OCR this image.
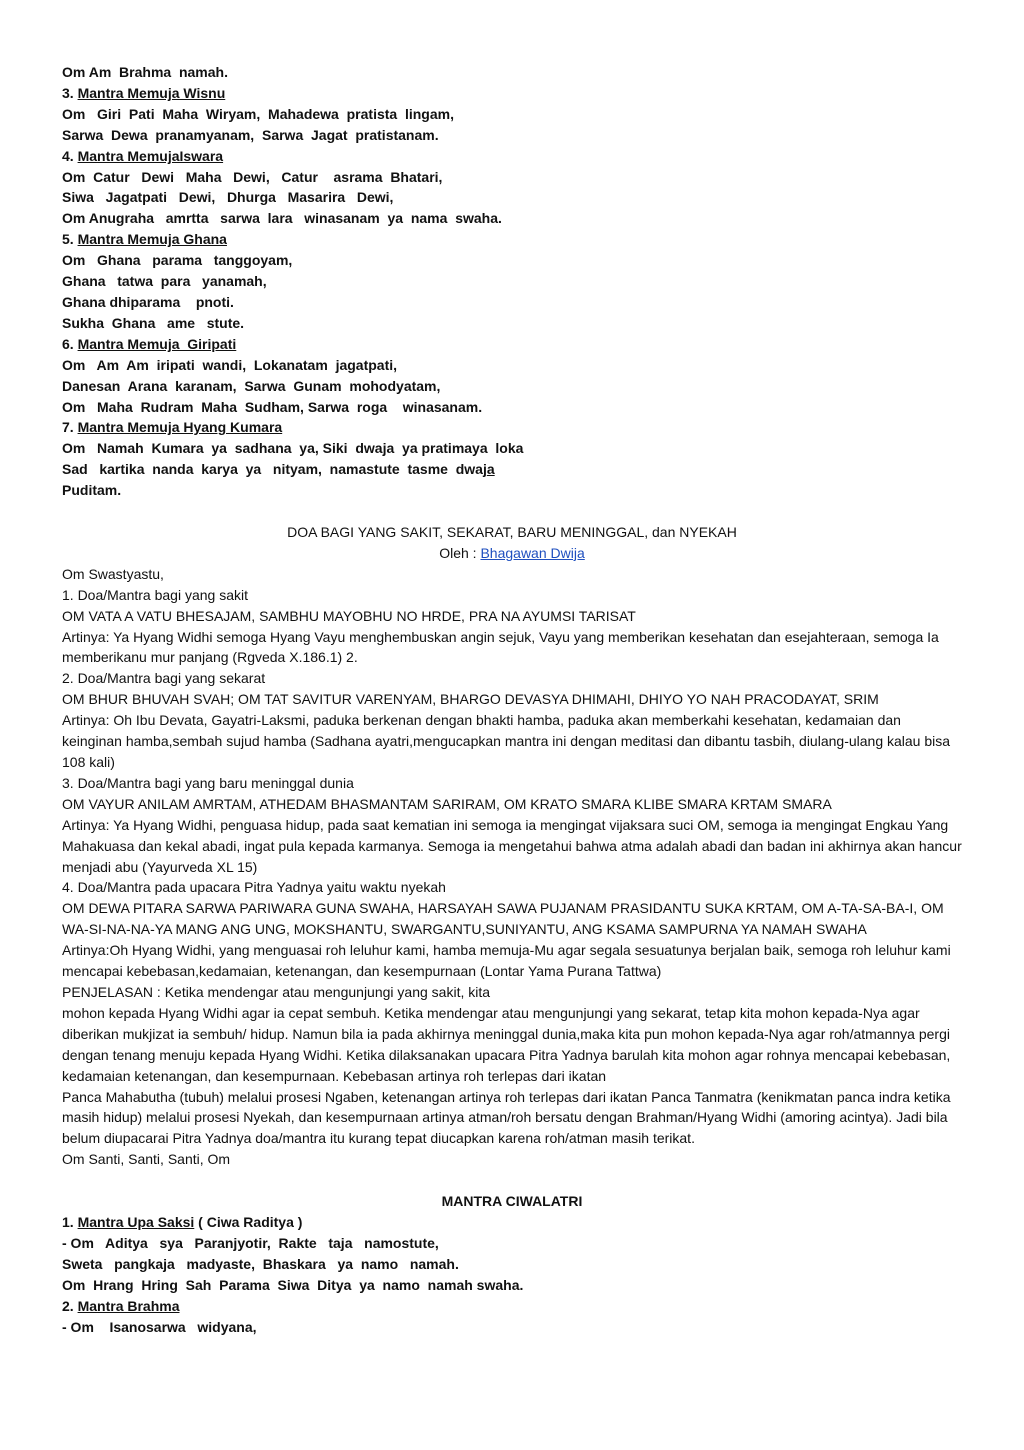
Om Am  Brahma  namah.
3. Mantra Memuja Wisnu
Om   Giri  Pati  Maha  Wiryam,  Mahadewa  pratista  lingam,
Sarwa  Dewa  pranamyanam,  Sarwa  Jagat  pratistanam.
4. Mantra MemujaIswara
Om  Catur   Dewi   Maha   Dewi,   Catur    asrama  Bhatari,
Siwa   Jagatpati   Dewi,   Dhurga   Masarira   Dewi,
Om Anugraha   amrtta   sarwa  lara   winasanam  ya  nama  swaha.
5. Mantra Memuja Ghana
Om   Ghana   parama   tanggoyam,
Ghana   tatwa  para   yanamah,
Ghana dhiparama    pnoti.
Sukha  Ghana   ame   stute.
6. Mantra Memuja  Giripati
Om   Am  Am  iripati  wandi,  Lokanatam  jagatpati,
Danesan  Arana  karanam,  Sarwa  Gunam  mohodyatam,
Om   Maha  Rudram  Maha  Sudham, Sarwa  roga    winasanam.
7. Mantra Memuja Hyang Kumara
Om   Namah  Kumara  ya  sadhana  ya, Siki  dwaja  ya pratimaya  loka
Sad   kartika  nanda  karya  ya   nityam,  namastute  tasme  dwaja
Puditam.
DOA BAGI YANG SAKIT, SEKARAT, BARU MENINGGAL, dan NYEKAH
Oleh : Bhagawan Dwija
Om Swastyastu,
1. Doa/Mantra bagi yang sakit
OM VATA A VATU BHESAJAM, SAMBHU MAYOBHU NO HRDE, PRA NA AYUMSI TARISAT
Artinya: Ya Hyang Widhi semoga Hyang Vayu menghembuskan angin sejuk, Vayu yang memberikan kesehatan dan esejahteraan, semoga Ia memberikanu mur panjang (Rgveda X.186.1) 2.
2. Doa/Mantra bagi yang sekarat
OM BHUR BHUVAH SVAH; OM TAT SAVITUR VARENYAM, BHARGO DEVASYA DHIMAHI, DHIYO YO NAH PRACODAYAT, SRIM
Artinya: Oh Ibu Devata, Gayatri-Laksmi, paduka berkenan dengan bhakti hamba, paduka akan memberkahi kesehatan, kedamaian dan keinginan hamba,sembah sujud hamba (Sadhana ayatri,mengucapkan mantra ini dengan meditasi dan dibantu tasbih, diulang-ulang kalau bisa 108 kali)
3. Doa/Mantra bagi yang baru meninggal dunia
OM VAYUR ANILAM AMRTAM, ATHEDAM BHASMANTAM SARIRAM, OM KRATO SMARA KLIBE SMARA KRTAM SMARA
Artinya: Ya Hyang Widhi, penguasa hidup, pada saat kematian ini semoga ia mengingat vijaksara suci OM, semoga ia mengingat Engkau Yang Mahakuasa dan kekal abadi, ingat pula kepada karmanya. Semoga ia mengetahui bahwa atma adalah abadi dan badan ini akhirnya akan hancur menjadi abu (Yayurveda XL 15)
4. Doa/Mantra pada upacara Pitra Yadnya yaitu waktu nyekah
OM DEWA PITARA SARWA PARIWARA GUNA SWAHA, HARSAYAH SAWA PUJANAM PRASIDANTU SUKA KRTAM, OM A-TA-SA-BA-I, OM WA-SI-NA-NA-YA MANG ANG UNG, MOKSHANTU, SWARGANTU,SUNIYANTU, ANG KSAMA SAMPURNA YA NAMAH SWAHA
Artinya:Oh Hyang Widhi, yang menguasai roh leluhur kami, hamba memuja-Mu agar segala sesuatunya berjalan baik, semoga roh leluhur kami mencapai kebebasan,kedamaian, ketenangan, dan kesempurnaan (Lontar Yama Purana Tattwa)
PENJELASAN : Ketika mendengar atau mengunjungi yang sakit, kita
mohon kepada Hyang Widhi agar ia cepat sembuh. Ketika mendengar atau mengunjungi yang sekarat, tetap kita mohon kepada-Nya agar diberikan mukjizat ia sembuh/ hidup. Namun bila ia pada akhirnya meninggal dunia,maka kita pun mohon kepada-Nya agar roh/atmannya pergi dengan tenang menuju kepada Hyang Widhi. Ketika dilaksanakan upacara Pitra Yadnya barulah kita mohon agar rohnya mencapai kebebasan, kedamaian ketenangan, dan kesempurnaan. Kebebasan artinya roh terlepas dari ikatan
Panca Mahabutha (tubuh) melalui prosesi Ngaben, ketenangan artinya roh terlepas dari ikatan Panca Tanmatra (kenikmatan panca indra ketika masih hidup) melalui prosesi Nyekah, dan kesempurnaan artinya atman/roh bersatu dengan Brahman/Hyang Widhi (amoring acintya). Jadi bila belum diupacarai Pitra Yadnya doa/mantra itu kurang tepat diucapkan karena roh/atman masih terikat.
Om Santi, Santi, Santi, Om
MANTRA CIWALATRI
1. Mantra Upa Saksi ( Ciwa Raditya )
- Om   Aditya   sya   Paranjyotir,  Rakte   taja   namostute,
Sweta   pangkaja   madyaste,  Bhaskara   ya  namo   namah.
Om  Hrang  Hring  Sah  Parama  Siwa  Ditya  ya  namo  namah swaha.
2. Mantra Brahma
- Om    Isanosarwa   widyana,
